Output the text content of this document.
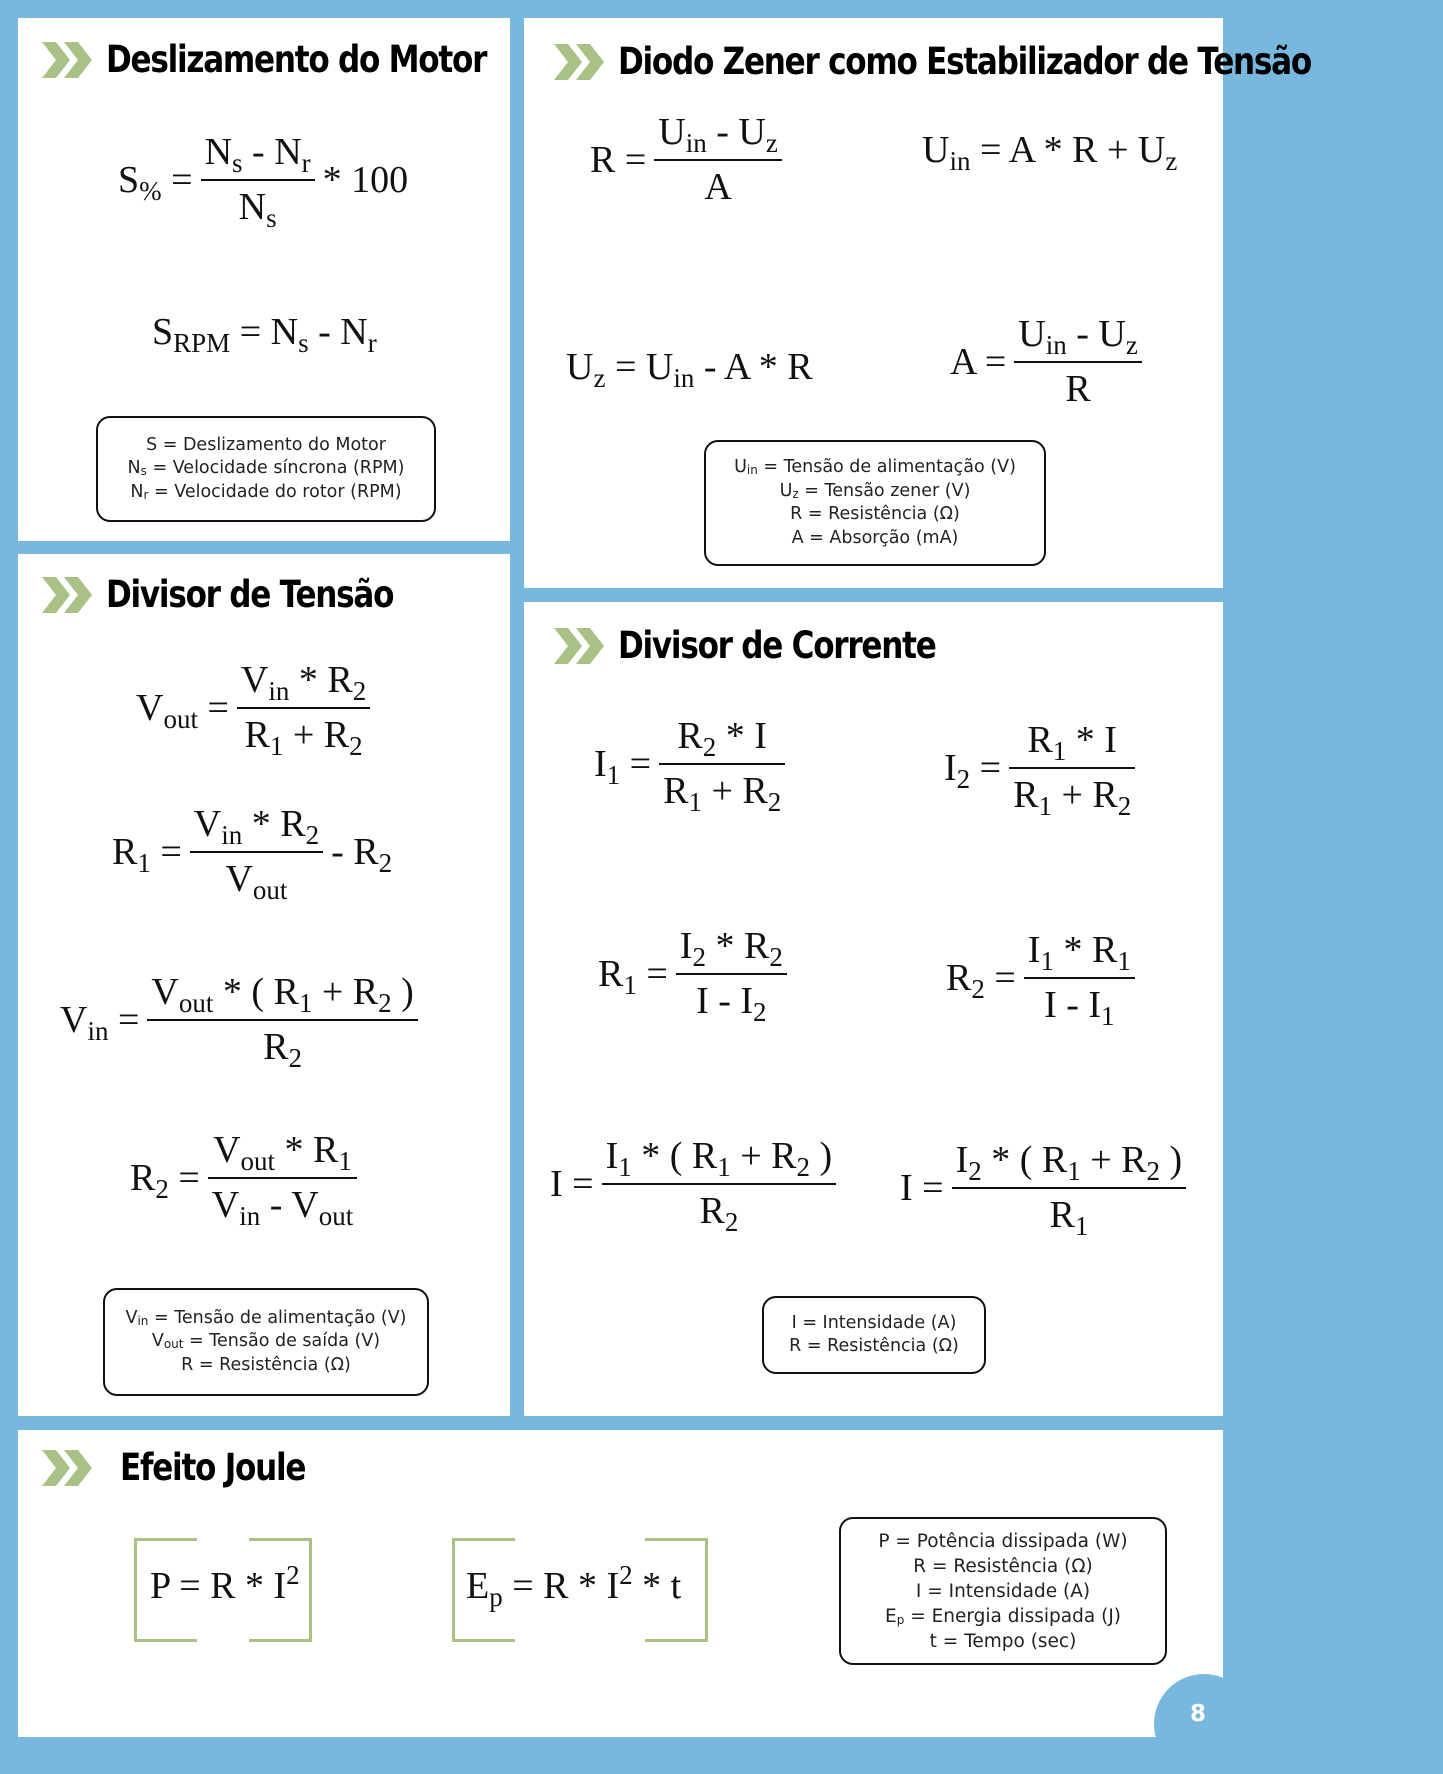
Deslizamento do Motor
$S_{\%} = \frac{N_s - N_r}{N_s} * 100$
$S_{RPM} = N_s - N_r$
S = Deslizamento do Motor
$N_s$ = Velocidade síncrona (RPM)
$N_r$ = Velocidade do rotor (RPM)
Diodo Zener como Estabilizador de Tensão
$R = \frac{U_{in} - U_z}{A}$	$U_{in} = A * R + U_z$
$U_z = U_{in} - A * R$	$A = \frac{U_{in} - U_z}{R}$
$U_{in}$ = Tensão de alimentação (V)
$U_z$ = Tensão zener (V)
R = Resistência (Ω)
A = Absorção (mA)
Divisor de Tensão
$V_{out} = \frac{V_{in} * R_2}{R_1 + R_2}$
$R_1 = \frac{V_{in} * R_2}{V_{out}} - R_2$
$V_{in} = \frac{V_{out} * ( R_1 + R_2 )}{R_2}$
$R_2 = \frac{V_{out} * R_1}{V_{in} - V_{out}}$
$V_{in}$ = Tensão de alimentação (V)
$V_{out}$ = Tensão de saída (V)
R = Resistência (Ω)
Divisor de Corrente
$I_1 = \frac{R_2 * I}{R_1 + R_2}$	$I_2 = \frac{R_1 * I}{R_1 + R_2}$
$R_1 = \frac{I_2 * R_2}{I - I_2}$	$R_2 = \frac{I_1 * R_1}{I - I_1}$
$I = \frac{I_1 * ( R_1 + R_2 )}{R_2}$ $I = \frac{I_2 * ( R_1 + R_2 )}{R_1}$
I = Intensidade (A)
R = Resistência (Ω)
Efeito Joule
$P = R * I^2$	$E_p = R * I^2 * t$
P = Potência dissipada (W)
R = Resistência (Ω)
I = Intensidade (A)
$E_p$ = Energia dissipada (J)
t = Tempo (sec)
8
